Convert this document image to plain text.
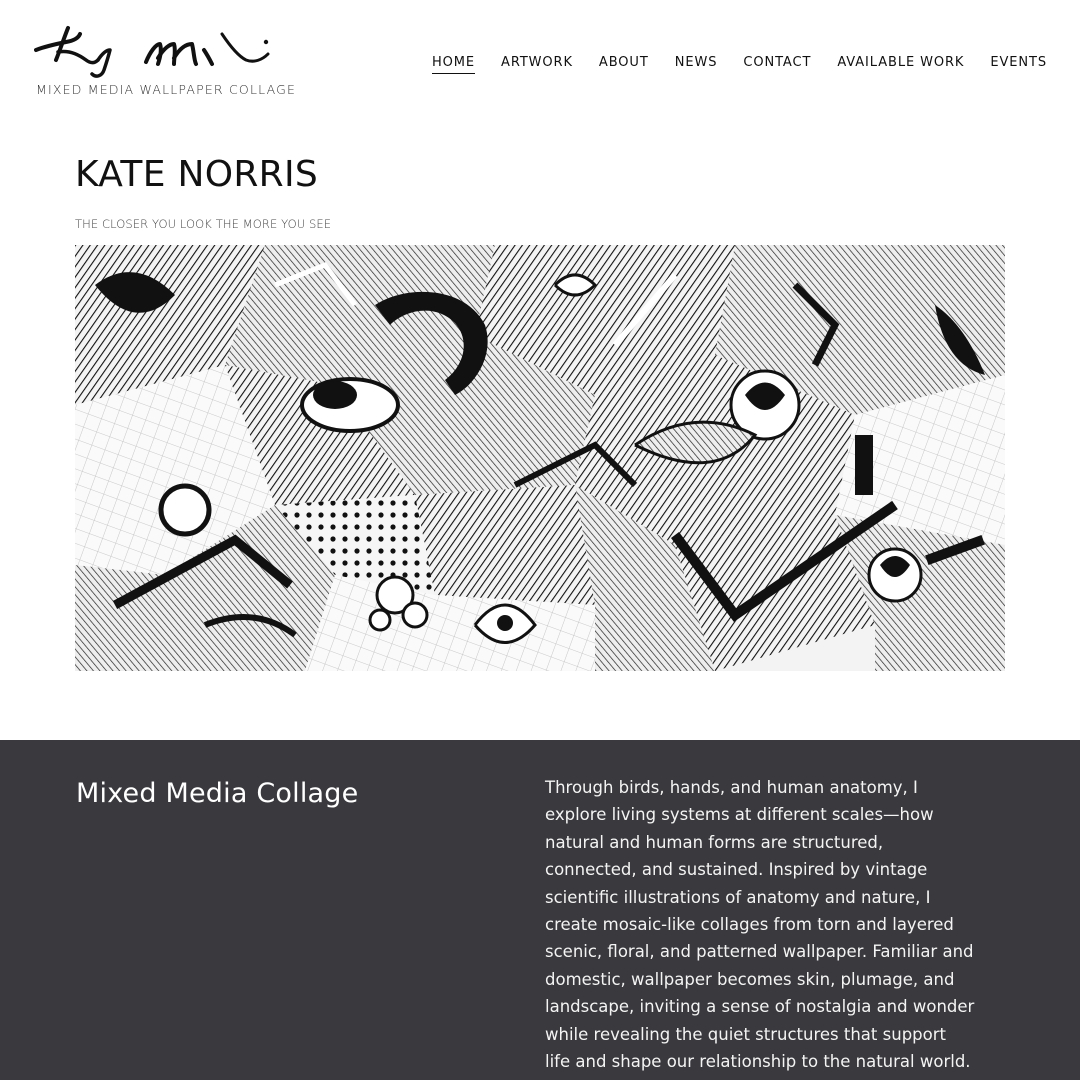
MIXED MEDIA WALLPAPER COLLAGE
HOME ARTWORK ABOUT NEWS CONTACT AVAILABLE WORK EVENTS
KATE NORRIS

THE CLOSER YOU LOOK THE MORE YOU SEE

Mixed Media Collage	Through birds, hands, and human anatomy, I explore living systems at different scales—how natural and human forms are structured, connected, and sustained. Inspired by vintage scientific illustrations of anatomy and nature, I create mosaic-like collages from torn and layered scenic, floral, and patterned wallpaper. Familiar and domestic, wallpaper becomes skin, plumage, and landscape, inviting a sense of nostalgia and wonder while revealing the quiet structures that support life and shape our relationship to the natural world.
